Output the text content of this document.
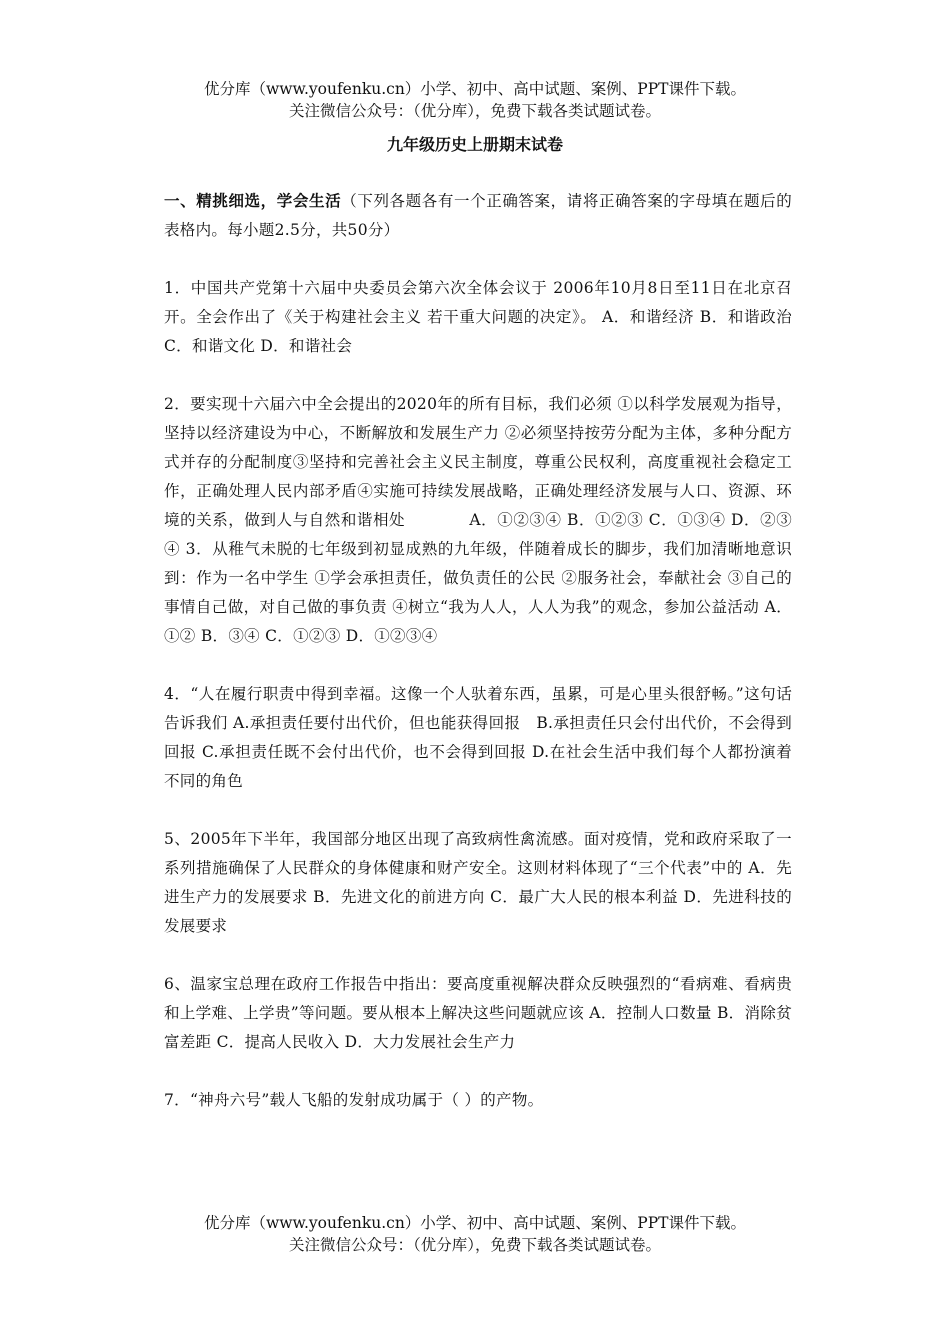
优分库（www.youfenku.cn）小学、初中、高中试题、案例、PPT课件下载。
关注微信公众号：（优分库），免费下载各类试题试卷。
九年级历史上册期末试卷

一、精挑细选，学会生活（下列各题各有一个正确答案，请将正确答案的字母填在题后的表格内。每小题2.5分，共50分）

1．中国共产党第十六届中央委员会第六次全体会议于 2006年10月8日至11日在北京召开。全会作出了《关于构建社会主义 若干重大问题的决定》。 A．和谐经济 B．和谐政治 C．和谐文化 D．和谐社会

2．要实现十六届六中全会提出的2020年的所有目标，我们必须 ①以科学发展观为指导，坚持以经济建设为中心，不断解放和发展生产力 ②必须坚持按劳分配为主体，多种分配方式并存的分配制度③坚持和完善社会主义民主制度，尊重公民权利，高度重视社会稳定工作，正确处理人民内部矛盾④实施可持续发展战略，正确处理经济发展与人口、资源、环境的关系，做到人与自然和谐相处　　　　A．①②③④ B．①②③ C．①③④ D．②③④ 3．从稚气未脱的七年级到初显成熟的九年级，伴随着成长的脚步，我们加清晰地意识到：作为一名中学生 ①学会承担责任，做负责任的公民 ②服务社会，奉献社会 ③自己的事情自己做，对自己做的事负责 ④树立“我为人人，人人为我”的观念，参加公益活动 A．①② B．③④ C．①②③ D．①②③④

4．“人在履行职责中得到幸福。这像一个人驮着东西，虽累，可是心里头很舒畅。”这句话告诉我们 A.承担责任要付出代价，但也能获得回报　B.承担责任只会付出代价，不会得到回报 C.承担责任既不会付出代价，也不会得到回报 D.在社会生活中我们每个人都扮演着不同的角色

5、2005年下半年，我国部分地区出现了高致病性禽流感。面对疫情，党和政府采取了一系列措施确保了人民群众的身体健康和财产安全。这则材料体现了“三个代表”中的 A．先进生产力的发展要求 B．先进文化的前进方向 C．最广大人民的根本利益 D．先进科技的发展要求

6、温家宝总理在政府工作报告中指出：要高度重视解决群众反映强烈的“看病难、看病贵和上学难、上学贵”等问题。要从根本上解决这些问题就应该 A．控制人口数量 B．消除贫富差距 C．提高人民收入 D．大力发展社会生产力

7．“神舟六号”载人飞船的发射成功属于（ ）的产物。

优分库（www.youfenku.cn）小学、初中、高中试题、案例、PPT课件下载。
关注微信公众号：（优分库），免费下载各类试题试卷。
